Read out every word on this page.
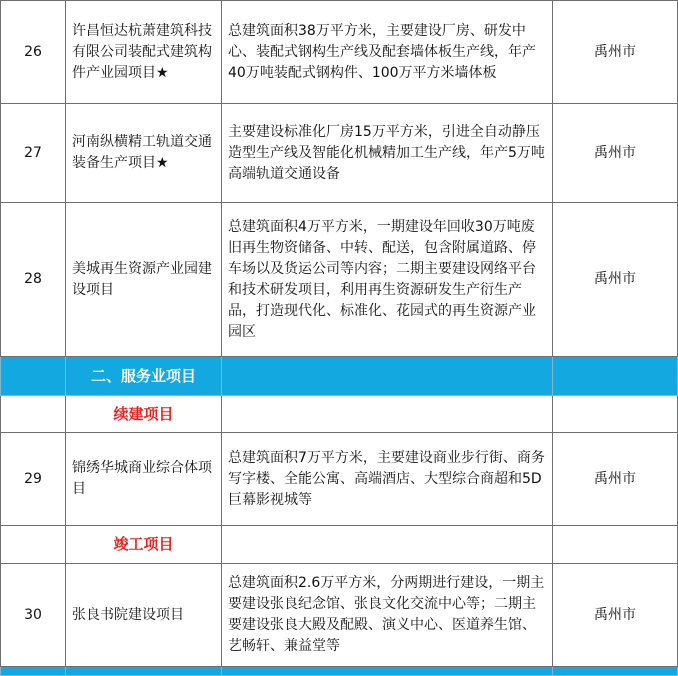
26	许昌恒达杭萧建筑科技有限公司装配式建筑构件产业园项目★	总建筑面积38万平方米，主要建设厂房、研发中心、装配式钢构生产线及配套墙体板生产线，年产40万吨装配式钢构件、100万平方米墙体板	禹州市
27	河南纵横精工轨道交通装备生产项目★	主要建设标准化厂房15万平方米，引进全自动静压造型生产线及智能化机械精加工生产线，年产5万吨高端轨道交通设备	禹州市
28	美城再生资源产业园建设项目	总建筑面积4万平方米，一期建设年回收30万吨废旧再生物资储备、中转、配送，包含附属道路、停车场以及货运公司等内容；二期主要建设网络平台和技术研发项目，利用再生资源研发生产衍生产品，打造现代化、标准化、花园式的再生资源产业园区	禹州市
	二、服务业项目		
	续建项目		
29	锦绣华城商业综合体项目	总建筑面积7万平方米，主要建设商业步行街、商务写字楼、全能公寓、高端酒店、大型综合商超和5D巨幕影视城等	禹州市
	竣工项目		
30	张良书院建设项目	总建筑面积2.6万平方米，分两期进行建设，一期主要建设张良纪念馆、张良文化交流中心等；二期主要建设张良大殿及配殿、演义中心、医道养生馆、艺畅轩、兼益堂等	禹州市
